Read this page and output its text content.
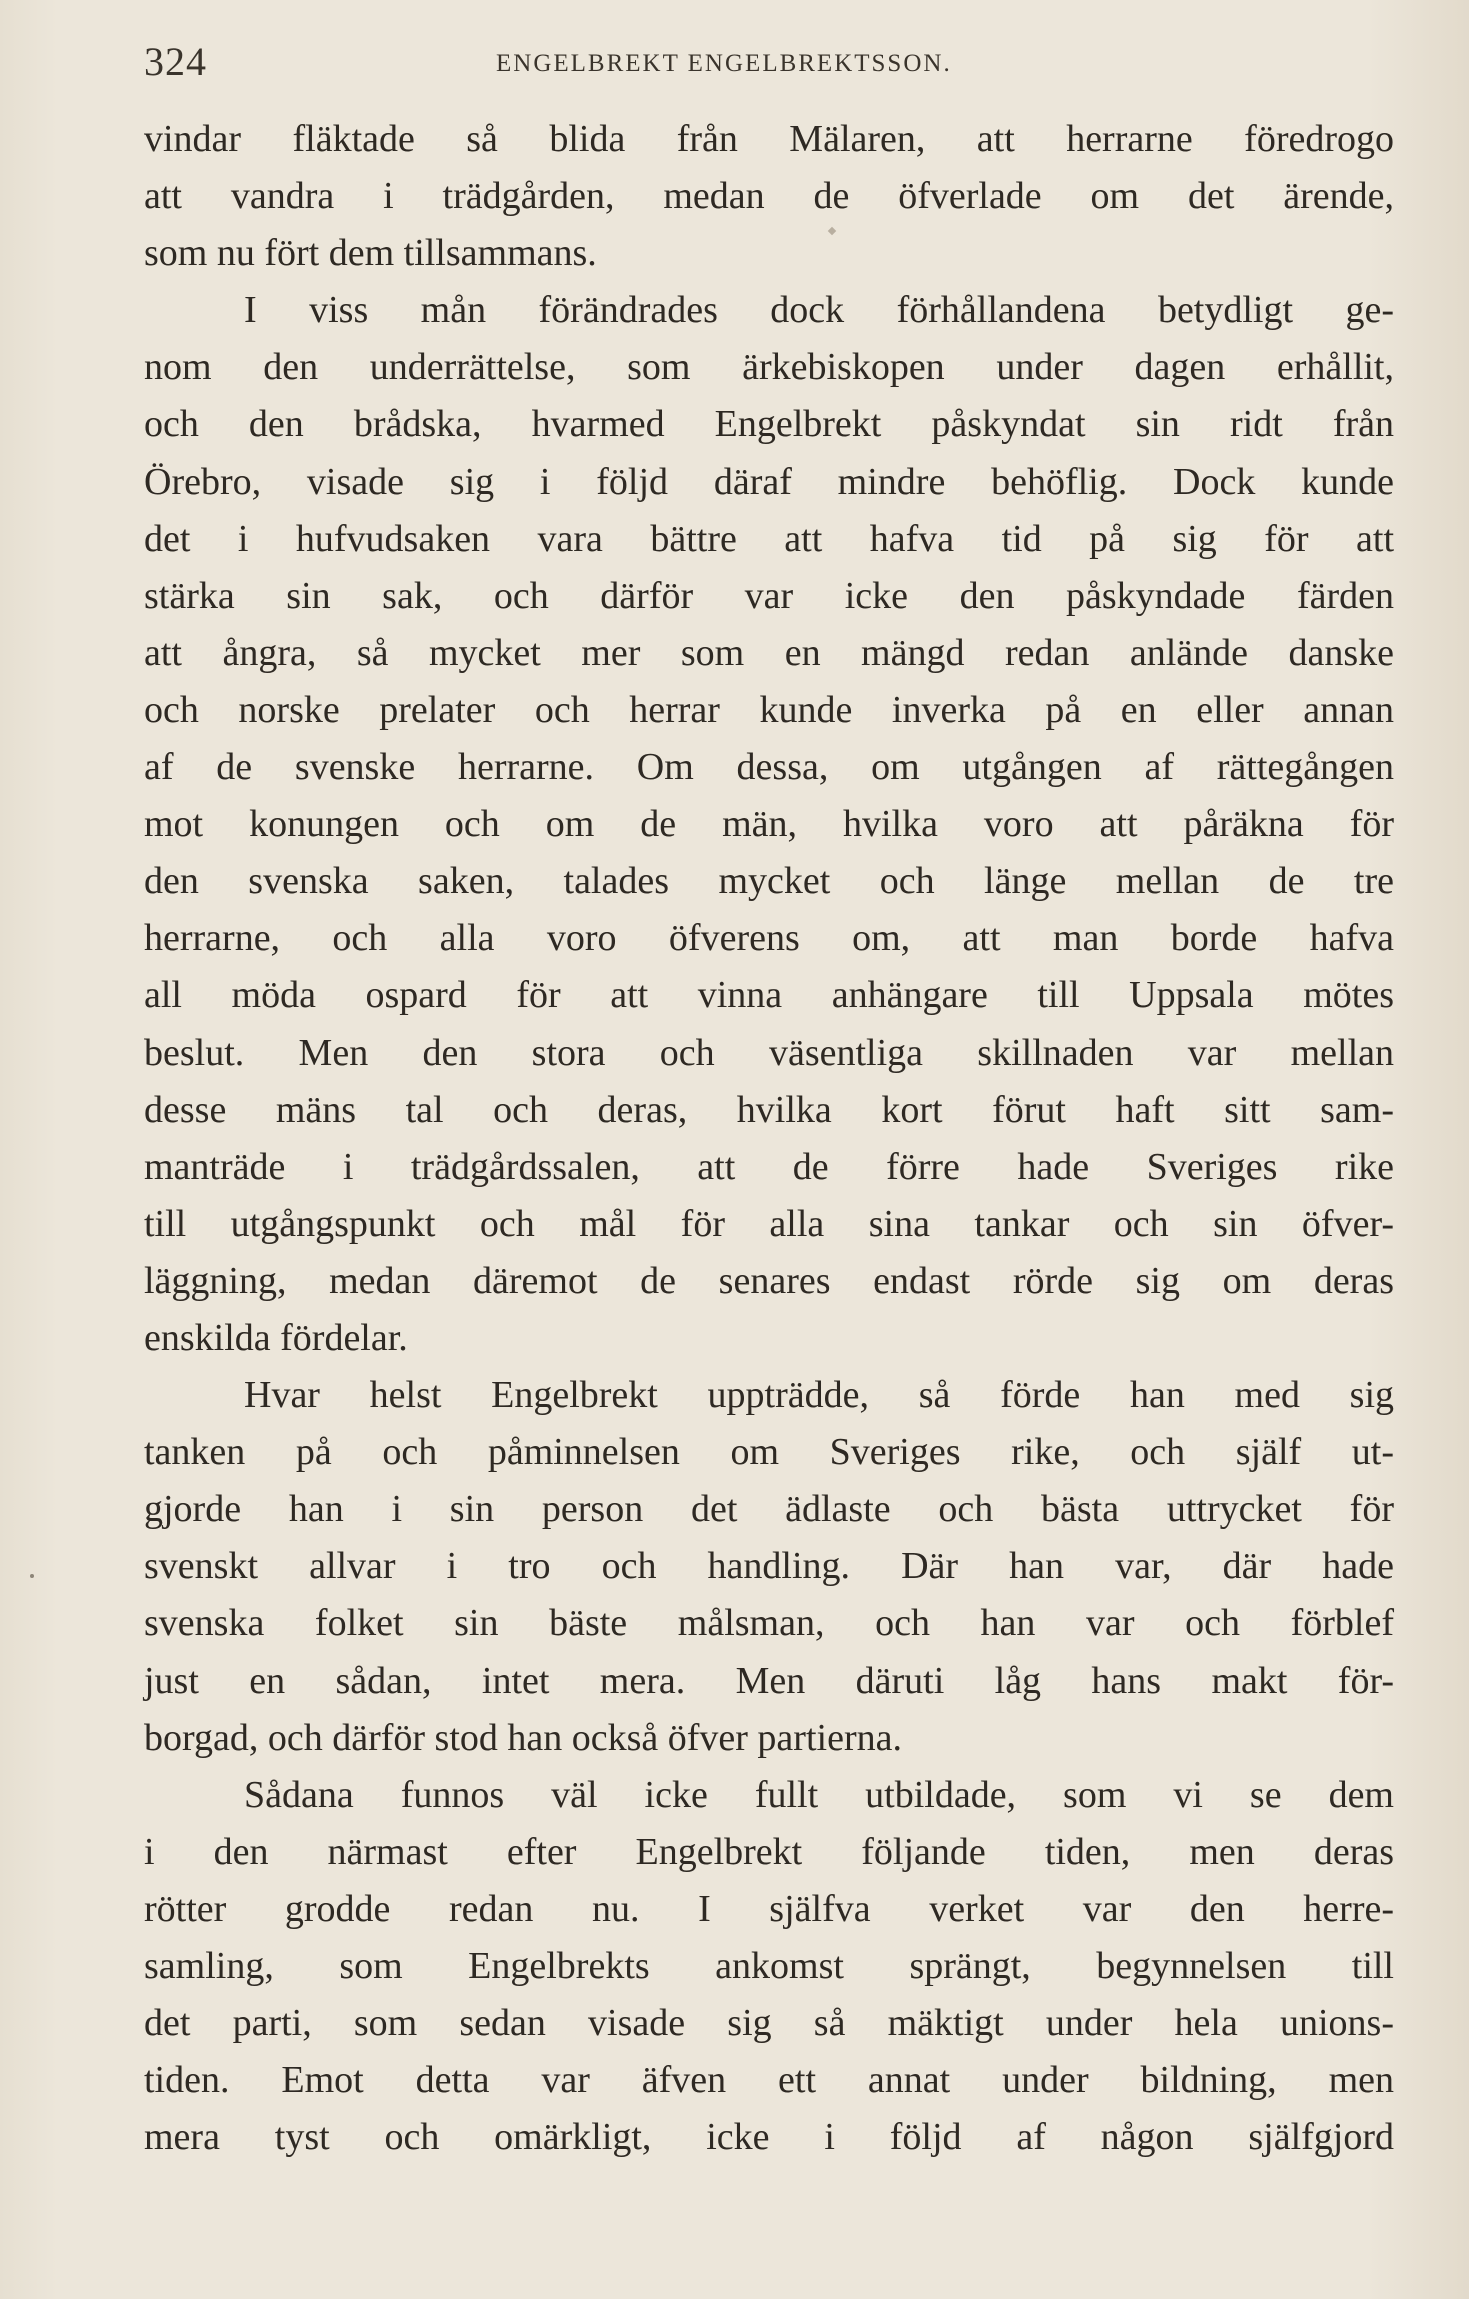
324	ENGELBREKT ENGELBREKTSSON.
vindar fläktade så blida från Mälaren, att herrarne föredrogo
att vandra i trädgården, medan de öfverlade om det ärende,
som nu fört dem tillsammans.
I viss mån förändrades dock förhållandena betydligt ge-
nom den underrättelse, som ärkebiskopen under dagen erhållit,
och den brådska, hvarmed Engelbrekt påskyndat sin ridt från
Örebro, visade sig i följd däraf mindre behöflig. Dock kunde
det i hufvudsaken vara bättre att hafva tid på sig för att
stärka sin sak, och därför var icke den påskyndade färden
att ångra, så mycket mer som en mängd redan anlände danske
och norske prelater och herrar kunde inverka på en eller annan
af de svenske herrarne. Om dessa, om utgången af rättegången
mot konungen och om de män, hvilka voro att påräkna för
den svenska saken, talades mycket och länge mellan de tre
herrarne, och alla voro öfverens om, att man borde hafva
all möda ospard för att vinna anhängare till Uppsala mötes
beslut. Men den stora och väsentliga skillnaden var mellan
desse mäns tal och deras, hvilka kort förut haft sitt sam-
manträde i trädgårdssalen, att de förre hade Sveriges rike
till utgångspunkt och mål för alla sina tankar och sin öfver-
läggning, medan däremot de senares endast rörde sig om deras
enskilda fördelar.
Hvar helst Engelbrekt uppträdde, så förde han med sig
tanken på och påminnelsen om Sveriges rike, och själf ut-
gjorde han i sin person det ädlaste och bästa uttrycket för
svenskt allvar i tro och handling. Där han var, där hade
svenska folket sin bäste målsman, och han var och förblef
just en sådan, intet mera. Men däruti låg hans makt för-
borgad, och därför stod han också öfver partierna.
Sådana funnos väl icke fullt utbildade, som vi se dem
i den närmast efter Engelbrekt följande tiden, men deras
rötter grodde redan nu. I själfva verket var den herre-
samling, som Engelbrekts ankomst sprängt, begynnelsen till
det parti, som sedan visade sig så mäktigt under hela unions-
tiden. Emot detta var äfven ett annat under bildning, men
mera tyst och omärkligt, icke i följd af någon själfgjord
